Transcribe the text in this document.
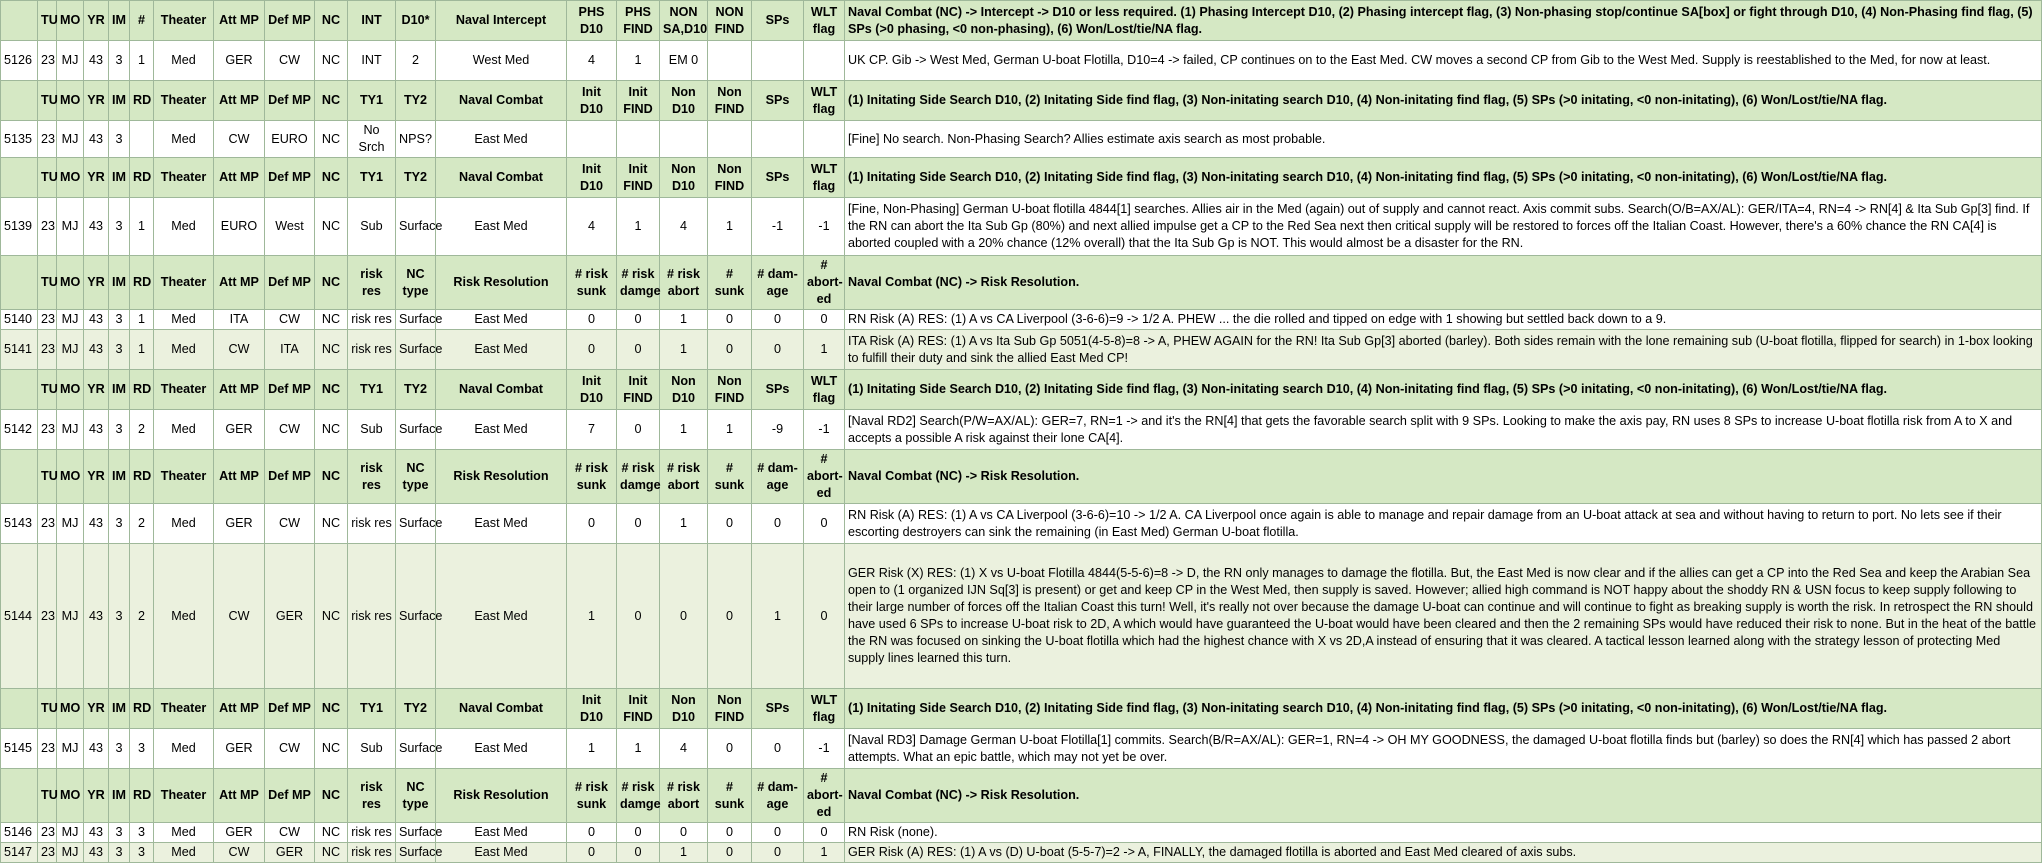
	TU	MO	YR	IM	#	Theater	Att MP	Def MP	NC	INT	D10*	Naval Intercept	PHS D10	PHS FIND	NON SA,D10	NON FIND	SPs	WLT flag	Naval Combat (NC) -> Intercept -> D10 or less required. (1) Phasing Intercept D10, (2) Phasing intercept flag, (3) Non-phasing stop/continue SA[box] or fight through D10, (4) Non-Phasing find flag, (5) SPs (>0 phasing, <0 non-phasing), (6) Won/Lost/tie/NA flag.
5126	23	MJ	43	3	1	Med	GER	CW	NC	INT	2	West Med	4	1	EM 0				UK CP. Gib -> West Med, German U-boat Flotilla, D10=4 -> failed, CP continues on to the East Med. CW moves a second CP from Gib to the West Med. Supply is reestablished to the Med, for now at least.
	TU	MO	YR	IM	RD	Theater	Att MP	Def MP	NC	TY1	TY2	Naval Combat	Init D10	Init FIND	Non D10	Non FIND	SPs	WLT flag	(1) Initating Side Search D10, (2) Initating Side find flag, (3) Non-initating search D10, (4) Non-initating find flag, (5) SPs (>0 initating, <0 non-initating), (6) Won/Lost/tie/NA flag.
5135	23	MJ	43	3		Med	CW	EURO	NC	No Srch	NPS?	East Med							[Fine] No search. Non-Phasing Search? Allies estimate axis search as most probable.
	TU	MO	YR	IM	RD	Theater	Att MP	Def MP	NC	TY1	TY2	Naval Combat	Init D10	Init FIND	Non D10	Non FIND	SPs	WLT flag	(1) Initating Side Search D10, (2) Initating Side find flag, (3) Non-initating search D10, (4) Non-initating find flag, (5) SPs (>0 initating, <0 non-initating), (6) Won/Lost/tie/NA flag.
5139	23	MJ	43	3	1	Med	EURO	West	NC	Sub	Surface	East Med	4	1	4	1	-1	-1	[Fine, Non-Phasing] German U-boat flotilla 4844[1] searches. Allies air in the Med (again) out of supply and cannot react. Axis commit subs. Search(O/B=AX/AL): GER/ITA=4, RN=4 -> RN[4] & Ita Sub Gp[3] find. If the RN can abort the Ita Sub Gp (80%) and next allied impulse get a CP to the Red Sea next then critical supply will be restored to forces off the Italian Coast. However, there's a 60% chance the RN CA[4] is aborted coupled with a 20% chance (12% overall) that the Ita Sub Gp is NOT. This would almost be a disaster for the RN.
	TU	MO	YR	IM	RD	Theater	Att MP	Def MP	NC	risk res	NC type	Risk Resolution	# risk sunk	# risk damge	# risk abort	# sunk	# dam-age	# abort-ed	Naval Combat (NC) -> Risk Resolution.
5140	23	MJ	43	3	1	Med	ITA	CW	NC	risk res	Surface	East Med	0	0	1	0	0	0	RN Risk (A) RES: (1) A vs CA Liverpool (3-6-6)=9 -> 1/2 A. PHEW ... the die rolled and tipped on edge with 1 showing but settled back down to a 9.
5141	23	MJ	43	3	1	Med	CW	ITA	NC	risk res	Surface	East Med	0	0	1	0	0	1	ITA Risk (A) RES: (1) A vs Ita Sub Gp 5051(4-5-8)=8 -> A, PHEW AGAIN for the RN! Ita Sub Gp[3] aborted (barley). Both sides remain with the lone remaining sub (U-boat flotilla, flipped for search) in 1-box looking to fulfill their duty and sink the allied East Med CP!
	TU	MO	YR	IM	RD	Theater	Att MP	Def MP	NC	TY1	TY2	Naval Combat	Init D10	Init FIND	Non D10	Non FIND	SPs	WLT flag	(1) Initating Side Search D10, (2) Initating Side find flag, (3) Non-initating search D10, (4) Non-initating find flag, (5) SPs (>0 initating, <0 non-initating), (6) Won/Lost/tie/NA flag.
5142	23	MJ	43	3	2	Med	GER	CW	NC	Sub	Surface	East Med	7	0	1	1	-9	-1	[Naval RD2] Search(P/W=AX/AL): GER=7, RN=1 -> and it's the RN[4] that gets the favorable search split with 9 SPs. Looking to make the axis pay, RN uses 8 SPs to increase U-boat flotilla risk from A to X and accepts a possible A risk against their lone CA[4].
	TU	MO	YR	IM	RD	Theater	Att MP	Def MP	NC	risk res	NC type	Risk Resolution	# risk sunk	# risk damge	# risk abort	# sunk	# dam-age	# abort-ed	Naval Combat (NC) -> Risk Resolution.
5143	23	MJ	43	3	2	Med	GER	CW	NC	risk res	Surface	East Med	0	0	1	0	0	0	RN Risk (A) RES: (1) A vs CA Liverpool (3-6-6)=10 -> 1/2 A. CA Liverpool once again is able to manage and repair damage from an U-boat attack at sea and without having to return to port. No lets see if their escorting destroyers can sink the remaining (in East Med) German U-boat flotilla.
5144	23	MJ	43	3	2	Med	CW	GER	NC	risk res	Surface	East Med	1	0	0	0	1	0	GER Risk (X) RES: (1) X vs U-boat Flotilla 4844(5-5-6)=8 -> D, the RN only manages to damage the flotilla. But, the East Med is now clear and if the allies can get a CP into the Red Sea and keep the Arabian Sea open to (1 organized IJN Sq[3] is present) or get and keep CP in the West Med, then supply is saved. However; allied high command is NOT happy about the shoddy RN & USN focus to keep supply following to their large number of forces off the Italian Coast this turn! Well, it's really not over because the damage U-boat can continue and will continue to fight as breaking supply is worth the risk. In retrospect the RN should have used 6 SPs to increase U-boat risk to 2D, A which would have guaranteed the U-boat would have been cleared and then the 2 remaining SPs would have reduced their risk to none. But in the heat of the battle the RN was focused on sinking the U-boat flotilla which had the highest chance with X vs 2D,A instead of ensuring that it was cleared. A tactical lesson learned along with the strategy lesson of protecting Med supply lines learned this turn.
	TU	MO	YR	IM	RD	Theater	Att MP	Def MP	NC	TY1	TY2	Naval Combat	Init D10	Init FIND	Non D10	Non FIND	SPs	WLT flag	(1) Initating Side Search D10, (2) Initating Side find flag, (3) Non-initating search D10, (4) Non-initating find flag, (5) SPs (>0 initating, <0 non-initating), (6) Won/Lost/tie/NA flag.
5145	23	MJ	43	3	3	Med	GER	CW	NC	Sub	Surface	East Med	1	1	4	0	0	-1	[Naval RD3] Damage German U-boat Flotilla[1] commits. Search(B/R=AX/AL): GER=1, RN=4 -> OH MY GOODNESS, the damaged U-boat flotilla finds but (barley) so does the RN[4] which has passed 2 abort attempts. What an epic battle, which may not yet be over.
	TU	MO	YR	IM	RD	Theater	Att MP	Def MP	NC	risk res	NC type	Risk Resolution	# risk sunk	# risk damge	# risk abort	# sunk	# dam-age	# abort-ed	Naval Combat (NC) -> Risk Resolution.
5146	23	MJ	43	3	3	Med	GER	CW	NC	risk res	Surface	East Med	0	0	0	0	0	0	RN Risk (none).
5147	23	MJ	43	3	3	Med	CW	GER	NC	risk res	Surface	East Med	0	0	1	0	0	1	GER Risk (A) RES: (1) A vs (D) U-boat (5-5-7)=2 -> A, FINALLY, the damaged flotilla is aborted and East Med cleared of axis subs.
